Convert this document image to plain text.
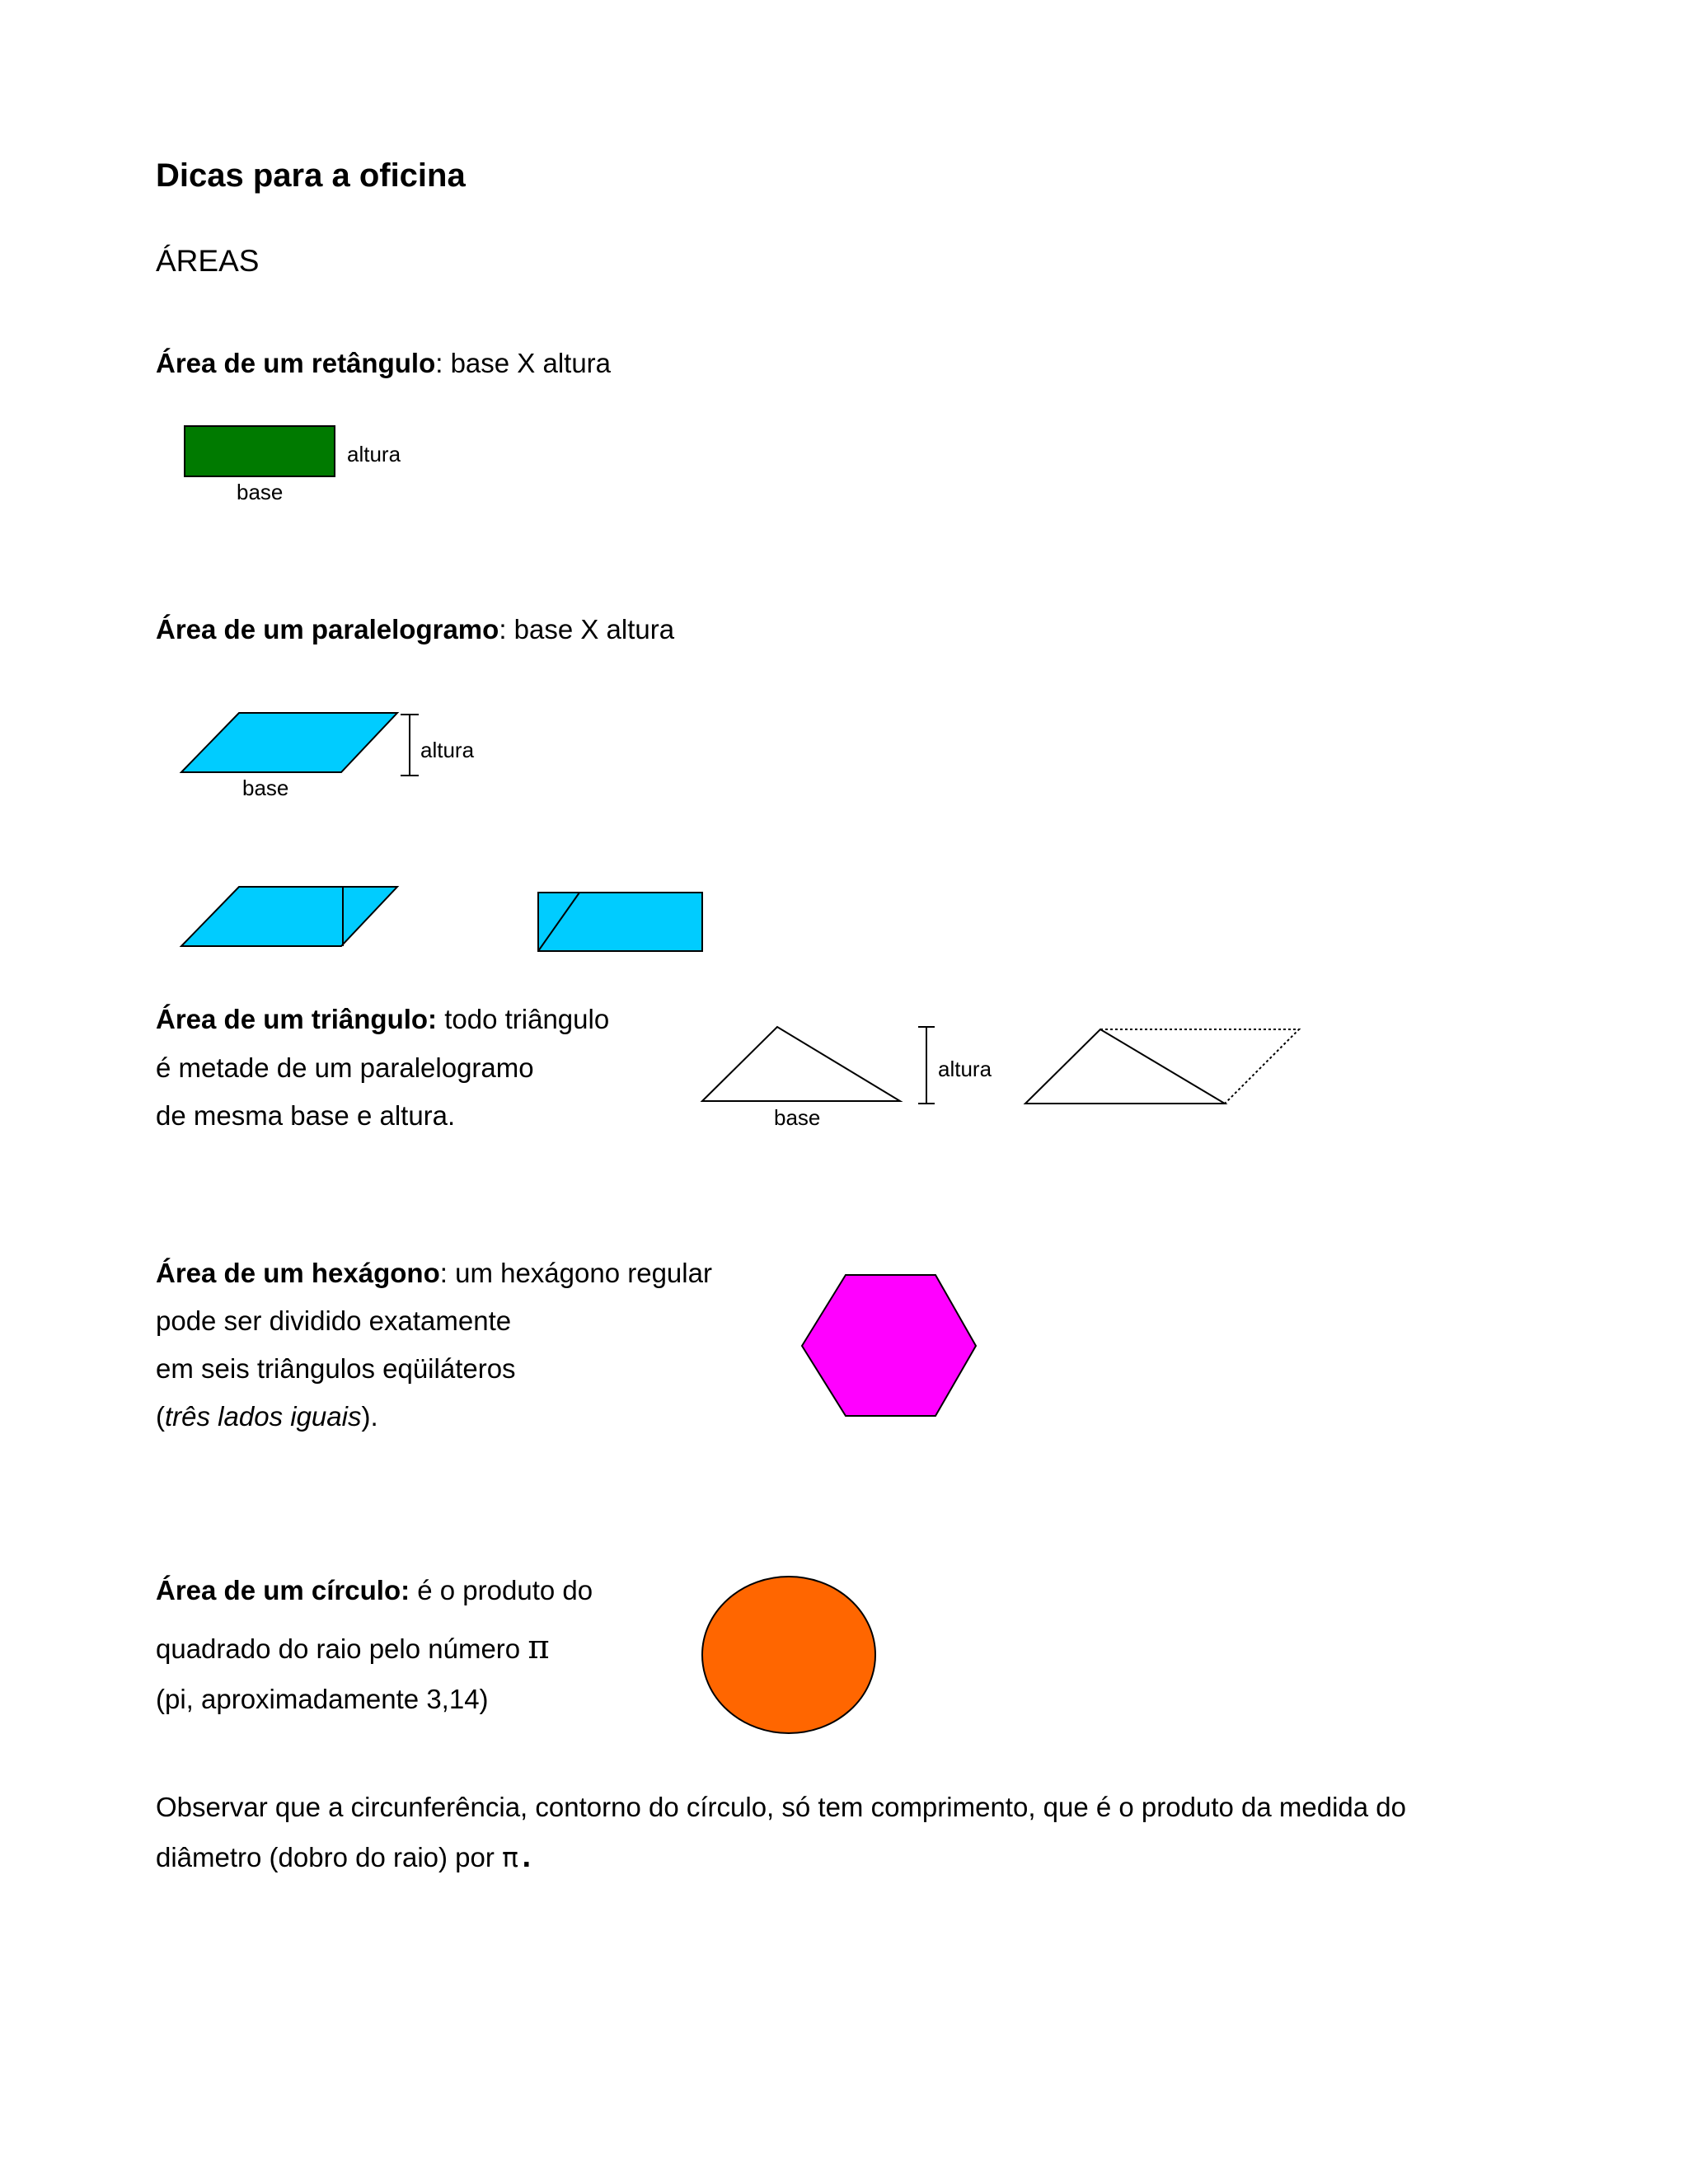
Dicas para a oficina
ÁREAS
Área de um retângulo: base X altura
altura
base
Área de um paralelogramo: base X altura
altura
base
Área de um triângulo: todo triângulo
é metade de um paralelogramo
de mesma base e altura.
altura
base
Área de um hexágono: um hexágono regular
pode ser dividido exatamente
em seis triângulos eqüiláteros
(três lados iguais).
Área de um círculo: é o produto do
quadrado do raio pelo número π
(pi, aproximadamente 3,14)
Observar que a circunferência, contorno do círculo, só tem comprimento, que é o produto da medida do
diâmetro (dobro do raio) por π.
